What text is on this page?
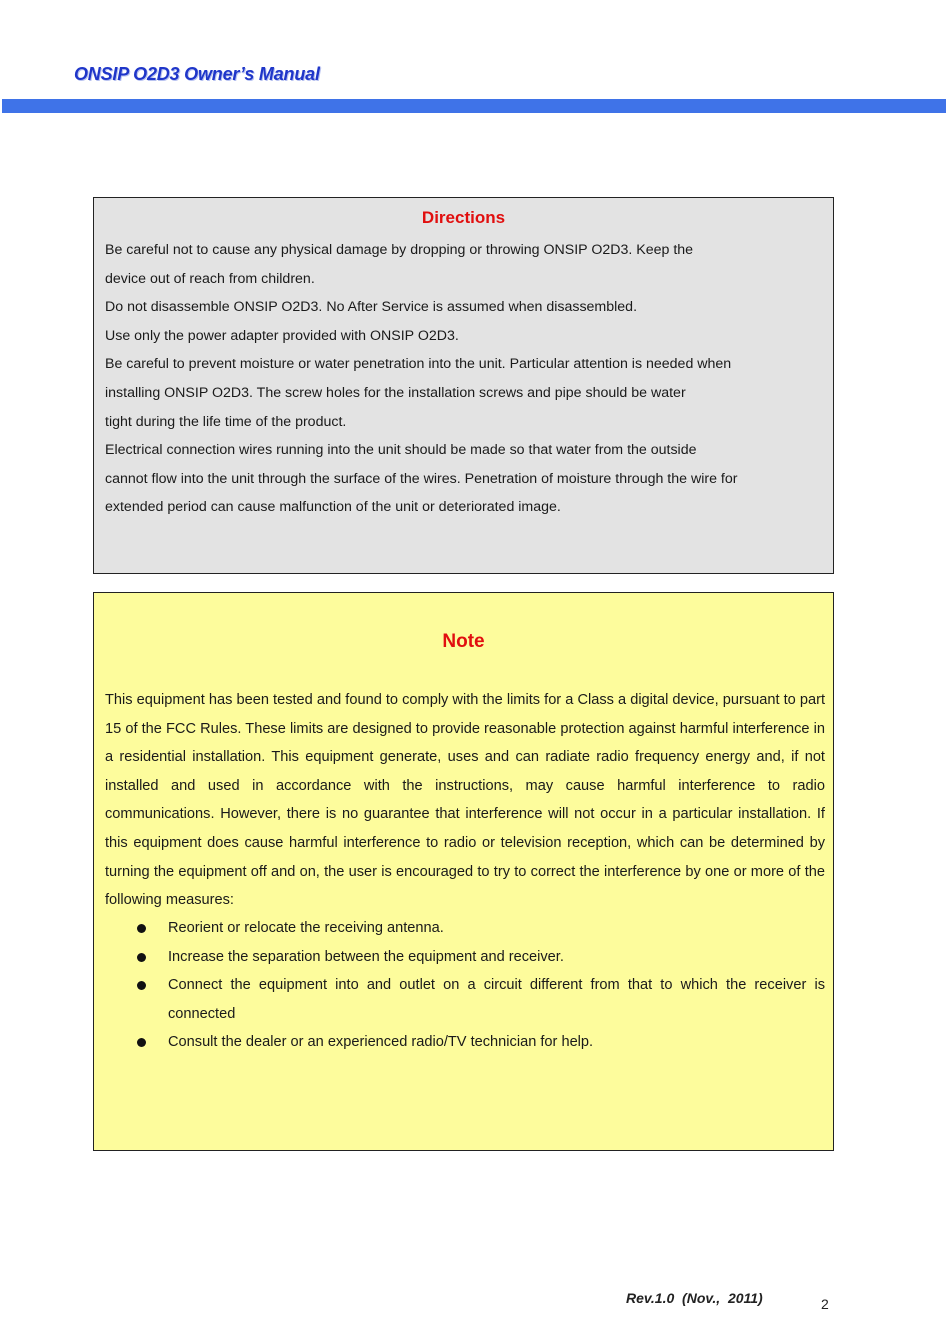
ONSIP O2D3 Owner’s Manual
Directions
Be careful not to cause any physical damage by dropping or throwing ONSIP O2D3. Keep the
device out of reach from children.
Do not disassemble ONSIP O2D3. No After Service is assumed when disassembled.
Use only the power adapter provided with ONSIP O2D3.
Be careful to prevent moisture or water penetration into the unit. Particular attention is needed when
installing ONSIP O2D3. The screw holes for the installation screws and pipe should be water
tight during the life time of the product.
Electrical connection wires running into the unit should be made so that water from the outside
cannot flow into the unit through the surface of the wires. Penetration of moisture through the wire for
extended period can cause malfunction of the unit or deteriorated image.
Note
This equipment has been tested and found to comply with the limits for a Class a digital device, pursuant to part 15 of the FCC Rules. These limits are designed to provide reasonable protection against harmful interference in a residential installation. This equipment generate, uses and can radiate radio frequency energy and, if not installed and used in accordance with the instructions, may cause harmful interference to radio communications. However, there is no guarantee that interference will not occur in a particular installation. If this equipment does cause harmful interference to radio or television reception, which can be determined by turning the equipment off and on, the user is encouraged to try to correct the interference by one or more of the following measures:
Reorient or relocate the receiving antenna.
Increase the separation between the equipment and receiver.
Connect the equipment into and outlet on a circuit different from that to which the receiver is connected
Consult the dealer or an experienced radio/TV technician for help.
Rev.1.0  (Nov.,  2011)	2
